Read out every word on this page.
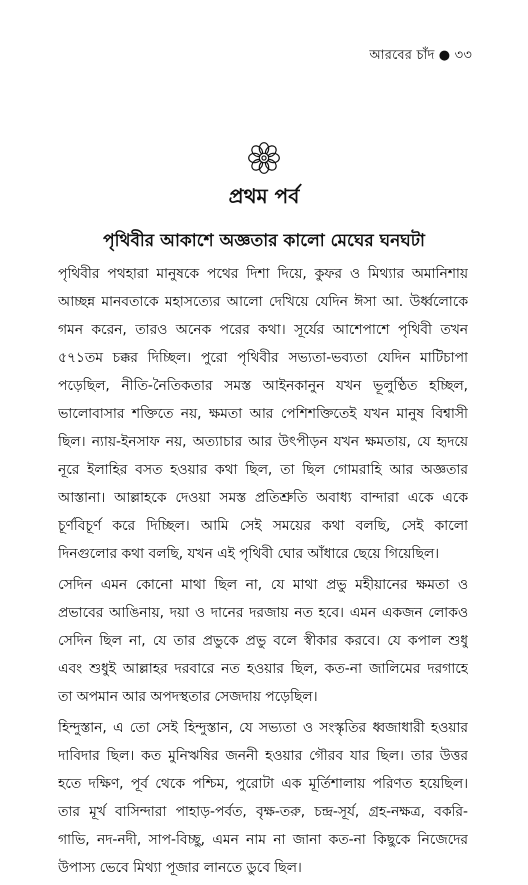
আরবের চাঁদ ● ৩৩
প্রথম পর্ব
পৃথিবীর আকাশে অজ্ঞতার কালো মেঘের ঘনঘটা

পৃথিবীর পথহারা মানুষকে পথের দিশা দিয়ে, কুফর ও মিথ্যার অমানিশায়
আচ্ছন্ন মানবতাকে মহাসত্যের আলো দেখিয়ে যেদিন ঈসা আ. উর্ধ্বলোকে
গমন করেন, তারও অনেক পরের কথা। সূর্যের আশেপাশে পৃথিবী তখন
৫৭১তম চক্কর দিচ্ছিল। পুরো পৃথিবীর সভ্যতা-ভব্যতা যেদিন মাটিচাপা
পড়েছিল, নীতি-নৈতিকতার সমস্ত আইনকানুন যখন ভূলুণ্ঠিত হচ্ছিল,
ভালোবাসার শক্তিতে নয়, ক্ষমতা আর পেশিশক্তিতেই যখন মানুষ বিশ্বাসী
ছিল। ন্যায়-ইনসাফ নয়, অত্যাচার আর উৎপীড়ন যখন ক্ষমতায়, যে হৃদয়ে
নূরে ইলাহির বসত হওয়ার কথা ছিল, তা ছিল গোমরাহি আর অজ্ঞতার
আস্তানা। আল্লাহকে দেওয়া সমস্ত প্রতিশ্রুতি অবাধ্য বান্দারা একে একে
চূর্ণবিচূর্ণ করে দিচ্ছিল। আমি সেই সময়ের কথা বলছি, সেই কালো
দিনগুলোর কথা বলছি, যখন এই পৃথিবী ঘোর আঁধারে ছেয়ে গিয়েছিল।

সেদিন এমন কোনো মাথা ছিল না, যে মাথা প্রভু মহীয়ানের ক্ষমতা ও
প্রভাবের আঙিনায়, দয়া ও দানের দরজায় নত হবে। এমন একজন লোকও
সেদিন ছিল না, যে তার প্রভুকে প্রভু বলে স্বীকার করবে। যে কপাল শুধু
এবং শুধুই আল্লাহর দরবারে নত হওয়ার ছিল, কত-না জালিমের দরগাহে
তা অপমান আর অপদস্থতার সেজদায় পড়েছিল।

হিন্দুস্তান, এ তো সেই হিন্দুস্তান, যে সভ্যতা ও সংস্কৃতির ধ্বজাধারী হওয়ার
দাবিদার ছিল। কত মুনিঋষির জননী হওয়ার গৌরব যার ছিল। তার উত্তর
হতে দক্ষিণ, পূর্ব থেকে পশ্চিম, পুরোটা এক মূর্তিশালায় পরিণত হয়েছিল।
তার মূর্খ বাসিন্দারা পাহাড়-পর্বত, বৃক্ষ-তরু, চন্দ্র-সূর্য, গ্রহ-নক্ষত্র, বকরি-
গাভি, নদ-নদী, সাপ-বিচ্ছু, এমন নাম না জানা কত-না কিছুকে নিজেদের
উপাস্য ভেবে মিথ্যা পূজার লানতে ডুবে ছিল।
